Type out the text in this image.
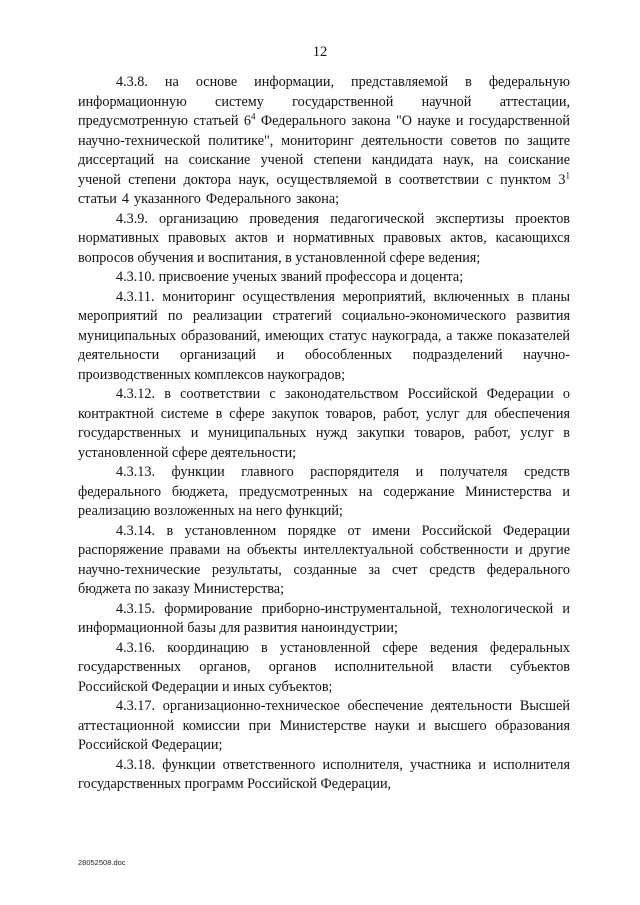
12

4.3.8. на основе информации, представляемой в федеральную информационную систему государственной научной аттестации, предусмотренную статьей $6^4$ Федерального закона "О науке и государственной научно-технической политике", мониторинг деятельности советов по защите диссертаций на соискание ученой степени кандидата наук, на соискание ученой степени доктора наук, осуществляемой в соответствии с пунктом $3^1$ статьи 4 указанного Федерального закона;

4.3.9. организацию проведения педагогической экспертизы проектов нормативных правовых актов и нормативных правовых актов, касающихся вопросов обучения и воспитания, в установленной сфере ведения;

4.3.10. присвоение ученых званий профессора и доцента;

4.3.11. мониторинг осуществления мероприятий, включенных в планы мероприятий по реализации стратегий социально-экономического развития муниципальных образований, имеющих статус наукограда, а также показателей деятельности организаций и обособленных подразделений научно-производственных комплексов наукоградов;

4.3.12. в соответствии с законодательством Российской Федерации о контрактной системе в сфере закупок товаров, работ, услуг для обеспечения государственных и муниципальных нужд закупки товаров, работ, услуг в установленной сфере деятельности;

4.3.13. функции главного распорядителя и получателя средств федерального бюджета, предусмотренных на содержание Министерства и реализацию возложенных на него функций;

4.3.14. в установленном порядке от имени Российской Федерации распоряжение правами на объекты интеллектуальной собственности и другие научно-технические результаты, созданные за счет средств федерального бюджета по заказу Министерства;

4.3.15. формирование приборно-инструментальной, технологической и информационной базы для развития наноиндустрии;

4.3.16. координацию в установленной сфере ведения федеральных государственных органов, органов исполнительной власти субъектов Российской Федерации и иных субъектов;

4.3.17. организационно-техническое обеспечение деятельности Высшей аттестационной комиссии при Министерстве науки и высшего образования Российской Федерации;

4.3.18. функции ответственного исполнителя, участника и исполнителя государственных программ Российской Федерации,

28052508.doc
